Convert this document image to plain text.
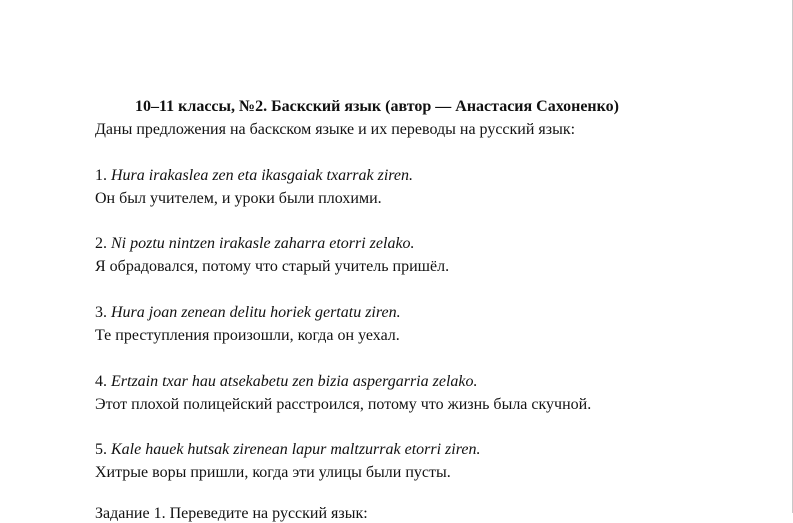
10–11 классы, №2. Баскский язык (автор — Анастасия Сахоненко)
Даны предложения на баскском языке и их переводы на русский язык:
1. Hura irakaslea zen eta ikasgaiak txarrak ziren.
Он был учителем, и уроки были плохими.
2. Ni poztu nintzen irakasle zaharra etorri zelako.
Я обрадовался, потому что старый учитель пришёл.
3. Hura joan zenean delitu horiek gertatu ziren.
Те преступления произошли, когда он уехал.
4. Ertzain txar hau atsekabetu zen bizia aspergarria zelako.
Этот плохой полицейский расстроился, потому что жизнь была скучной.
5. Kale hauek hutsak zirenean lapur maltzurrak etorri ziren.
Хитрые воры пришли, когда эти улицы были пусты.
Задание 1. Переведите на русский язык:
